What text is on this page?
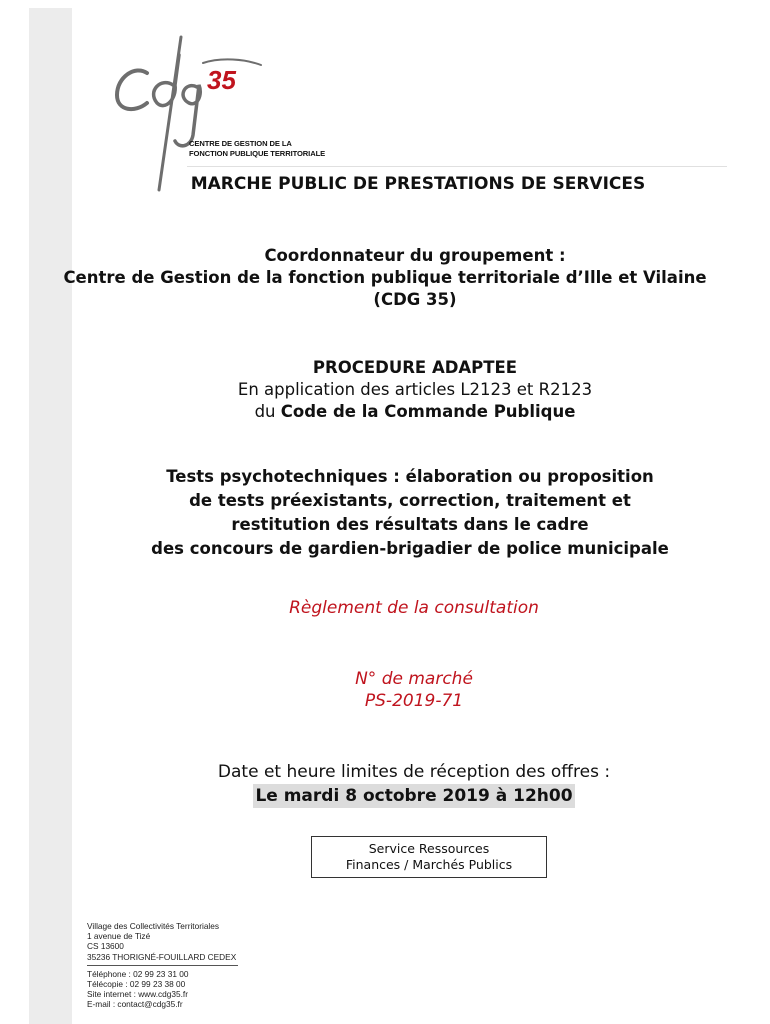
35
CENTRE DE GESTION DE LA
FONCTION PUBLIQUE TERRITORIALE
MARCHE PUBLIC DE PRESTATIONS DE SERVICES
Coordonnateur du groupement :
Centre de Gestion de la fonction publique territoriale d’Ille et Vilaine
(CDG 35)
PROCEDURE ADAPTEE
En application des articles L2123 et R2123
du Code de la Commande Publique
Tests psychotechniques : élaboration ou proposition
de tests préexistants, correction, traitement et
restitution des résultats dans le cadre
des concours de gardien-brigadier de police municipale
Règlement de la consultation
N° de marché
PS-2019-71
Date et heure limites de réception des offres :
Le mardi 8 octobre 2019 à 12h00
Service Ressources
Finances / Marchés Publics
Village des Collectivités Territoriales
1 avenue de Tizé
CS 13600
35236 THORIGNÉ-FOUILLARD CEDEX
Téléphone : 02 99 23 31 00
Télécopie : 02 99 23 38 00
Site internet : www.cdg35.fr
E-mail : contact@cdg35.fr
